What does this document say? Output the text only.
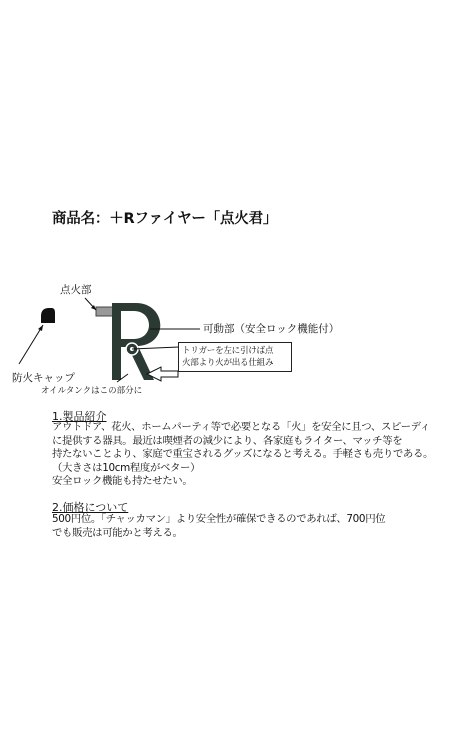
商品名：＋Rファイヤー「点火君」
点火部
防火キャップ
可動部（安全ロック機能付）
オイルタンクはこの部分に
トリガーを左に引けば点
火部より火が出る仕組み
1.製品紹介
アウトドア、花火、ホームパーティ等で必要となる「火」を安全に且つ、スピーディ
に提供する器具。最近は喫煙者の減少により、各家庭もライター、マッチ等を
持たないことより、家庭で重宝されるグッズになると考える。手軽さも売りである。
（大きさは10cm程度がベター）
安全ロック機能も持たせたい。
2.価格について
500円位。「チャッカマン」より安全性が確保できるのであれば、700円位
でも販売は可能かと考える。
